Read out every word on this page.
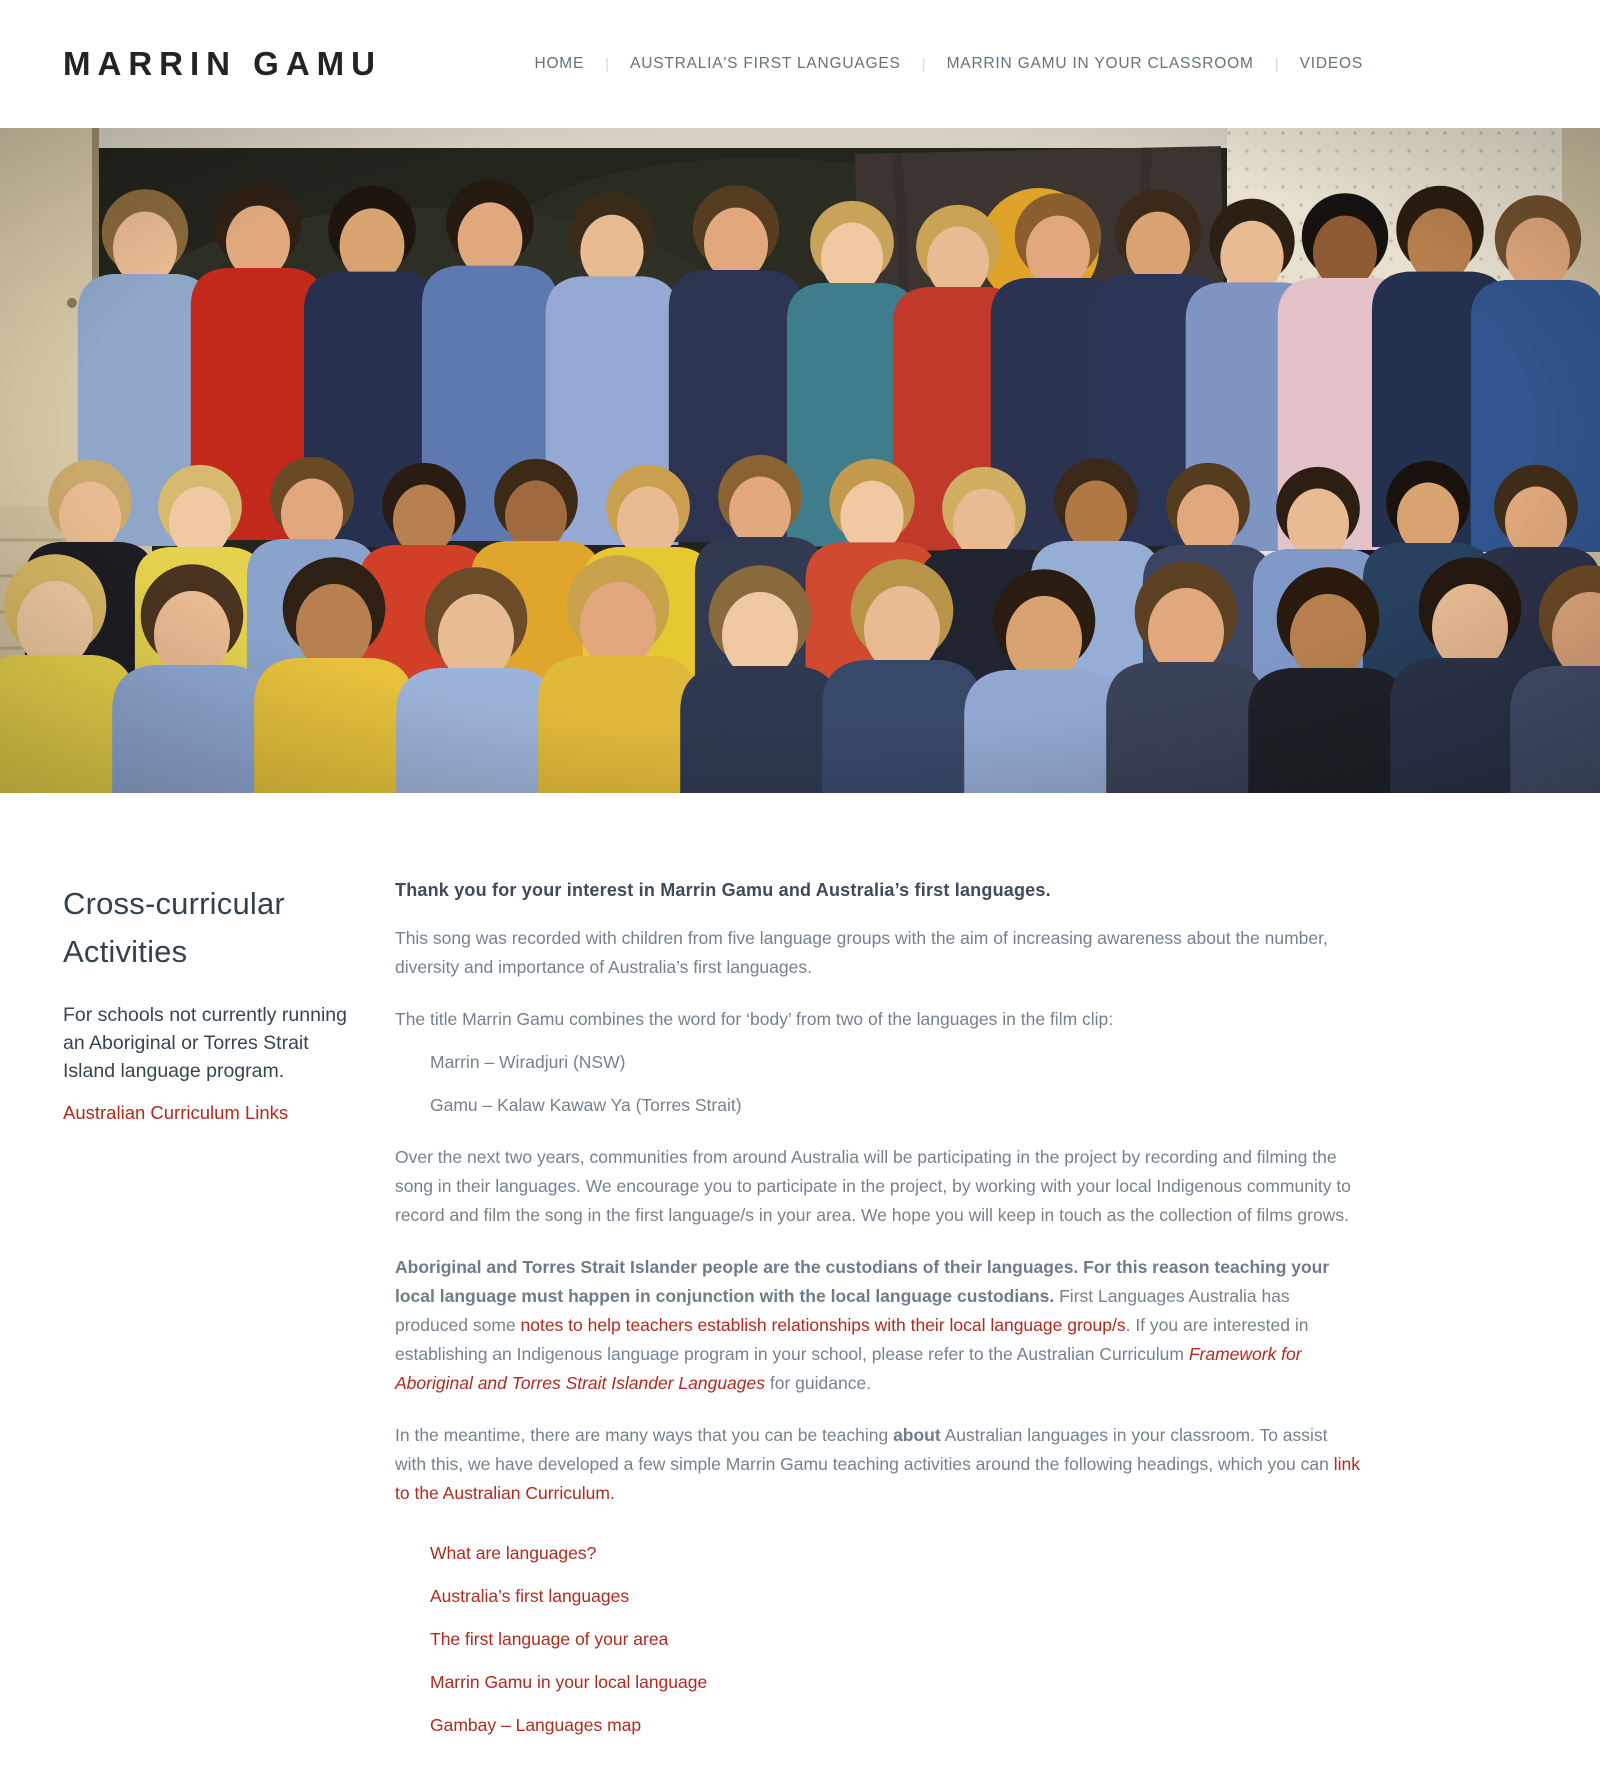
MARRIN GAMU	HOME | AUSTRALIA'S FIRST LANGUAGES | MARRIN GAMU IN YOUR CLASSROOM | VIDEOS
Cross-curricular Activities

For schools not currently running an Aboriginal or Torres Strait Island language program.

Australian Curriculum Links
Thank you for your interest in Marrin Gamu and Australia’s first languages.

This song was recorded with children from five language groups with the aim of increasing awareness about the number, diversity and importance of Australia’s first languages.

The title Marrin Gamu combines the word for ‘body’ from two of the languages in the film clip:

Marrin – Wiradjuri (NSW)

Gamu – Kalaw Kawaw Ya (Torres Strait)

Over the next two years, communities from around Australia will be participating in the project by recording and filming the song in their languages. We encourage you to participate in the project, by working with your local Indigenous community to record and film the song in the first language/s in your area. We hope you will keep in touch as the collection of films grows.

Aboriginal and Torres Strait Islander people are the custodians of their languages. For this reason teaching your local language must happen in conjunction with the local language custodians. First Languages Australia has produced some notes to help teachers establish relationships with their local language group/s. If you are interested in establishing an Indigenous language program in your school, please refer to the Australian Curriculum Framework for Aboriginal and Torres Strait Islander Languages for guidance.

In the meantime, there are many ways that you can be teaching about Australian languages in your classroom. To assist with this, we have developed a few simple Marrin Gamu teaching activities around the following headings, which you can link to the Australian Curriculum.

What are languages?
Australia’s first languages
The first language of your area
Marrin Gamu in your local language
Gambay – Languages map
